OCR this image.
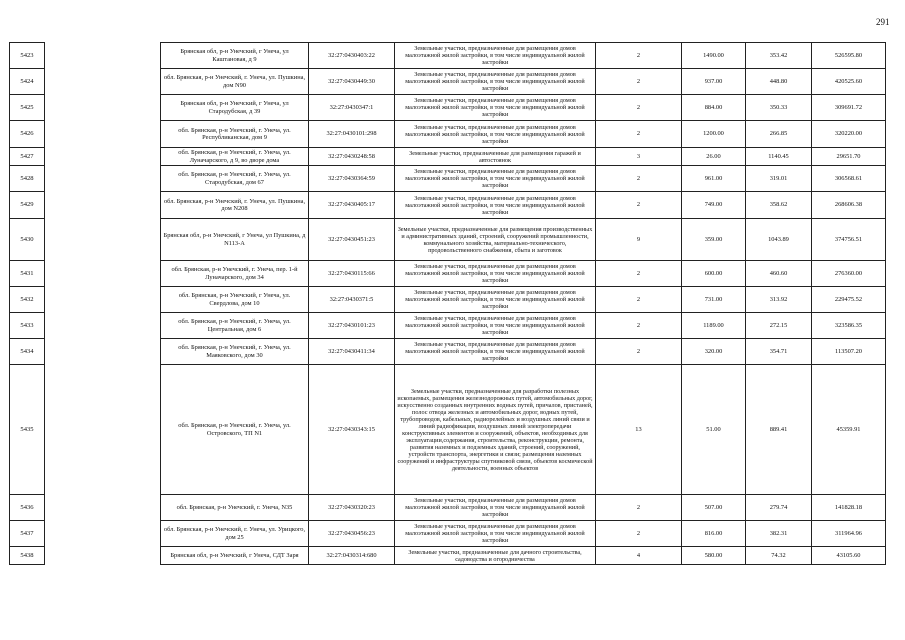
291
5423		Брянская обл, р-н Унечский, г Унеча, ул Каштановая, д 9	32:27:0430403:22	Земельные участки, предназначенные для размещения домов малоэтажной жилой застройки, в том числе индивидуальной жилой застройки	2	1490.00	353.42	526595.80
5424		обл. Брянская, р-н Унечский, г. Унеча, ул. Пушкина, дом N90	32:27:0430449:30	Земельные участки, предназначенные для размещения домов малоэтажной жилой застройки, в том числе индивидуальной жилой застройки	2	937.00	448.80	420525.60
5425		Брянская обл, р-н Унечский, г Унеча, ул Стародубская, д 39	32:27:0430347:1	Земельные участки, предназначенные для размещения домов малоэтажной жилой застройки, в том числе индивидуальной жилой застройки	2	884.00	350.33	309691.72
5426		обл. Брянская, р-н Унечский, г. Унеча, ул. Республиканская, дом 9	32:27:0430101:298	Земельные участки, предназначенные для размещения домов малоэтажной жилой застройки, в том числе индивидуальной жилой застройки	2	1200.00	266.85	320220.00
5427		обл. Брянская, р-н Унечский, г. Унеча, ул. Луначарского, д 9, во дворе дома	32:27:0430248:58	Земельные участки, предназначенные для размещения гаражей и автостоянок	3	26.00	1140.45	29651.70
5428		обл. Брянская, р-н Унечский, г. Унеча, ул. Стародубская, дом 67	32:27:0430364:59	Земельные участки, предназначенные для размещения домов малоэтажной жилой застройки, в том числе индивидуальной жилой застройки	2	961.00	319.01	306568.61
5429		обл. Брянская, р-н Унечский, г. Унеча, ул. Пушкина, дом N208	32:27:0430405:17	Земельные участки, предназначенные для размещения домов малоэтажной жилой застройки, в том числе индивидуальной жилой застройки	2	749.00	358.62	268606.38
5430		Брянская обл, р-н Унечский, г Унеча, ул Пушкина, д N113-А	32:27:0430451:23	Земельные участки, предназначенные для размещения производственных и административных зданий, строений, сооружений промышленности, коммунального хозяйства, материально-технического, продовольственного снабжения, сбыта и заготовок	9	359.00	1043.89	374756.51
5431		обл. Брянская, р-н Унечский, г. Унеча, пер. 1-й Луначарского, дом 34	32:27:0430115:66	Земельные участки, предназначенные для размещения домов малоэтажной жилой застройки, в том числе индивидуальной жилой застройки	2	600.00	460.60	276360.00
5432		обл. Брянская, р-н Унечский, г Унеча, ул. Свердлова, дом 10	32:27:0430371:5	Земельные участки, предназначенные для размещения домов малоэтажной жилой застройки, в том числе индивидуальной жилой застройки	2	731.00	313.92	229475.52
5433		обл. Брянская, р-н Унечский, г. Унеча, ул. Центральная, дом 6	32:27:0430101:23	Земельные участки, предназначенные для размещения домов малоэтажной жилой застройки, в том числе индивидуальной жилой застройки	2	1189.00	272.15	323586.35
5434		обл. Брянская, р-н Унечский, г. Унеча, ул. Маяковского, дом 30	32:27:0430411:34	Земельные участки, предназначенные для размещения домов малоэтажной жилой застройки, в том числе индивидуальной жилой застройки	2	320.00	354.71	113507.20
5435		обл. Брянская, р-н Унечский, г. Унеча, ул. Островского, ТП N1	32:27:0430343:15	Земельные участки, предназначенные для разработки полезных ископаемых, размещения железнодорожных путей, автомобильных дорог, искусственно созданных внутренних водных путей, причалов, пристаней, полос отвода железных и автомобильных дорог, водных путей, трубопроводов, кабельных, радиорелейных и воздушных линий связи и линий радиофикации, воздушных линий электропередачи конструктивных элементов и сооружений, объектов, необходимых для эксплуатации,содержания, строительства, реконструкции, ремонта, развития наземных и подземных зданий, строений, сооружений, устройств транспорта, энергетики и связи; размещения наземных сооружений и инфраструктуры спутниковой связи, объектов космической деятельности, военных объектов	13	51.00	889.41	45359.91
5436		обл. Брянская, р-н Унечский, г. Унеча, N35	32:27:0430320:23	Земельные участки, предназначенные для размещения домов малоэтажной жилой застройки, в том числе индивидуальной жилой застройки	2	507.00	279.74	141828.18
5437		обл. Брянская, р-н Унечский, г. Унеча, ул. Урицкого, дом 25	32:27:0430456:23	Земельные участки, предназначенные для размещения домов малоэтажной жилой застройки, в том числе индивидуальной жилой застройки	2	816.00	382.31	311964.96
5438		Брянская обл, р-н Унечский, г Унеча, СДТ Заря	32:27:0430314:680	Земельные участки, предназначенные для дачного строительства, садоводства и огородничества	4	580.00	74.32	43105.60
